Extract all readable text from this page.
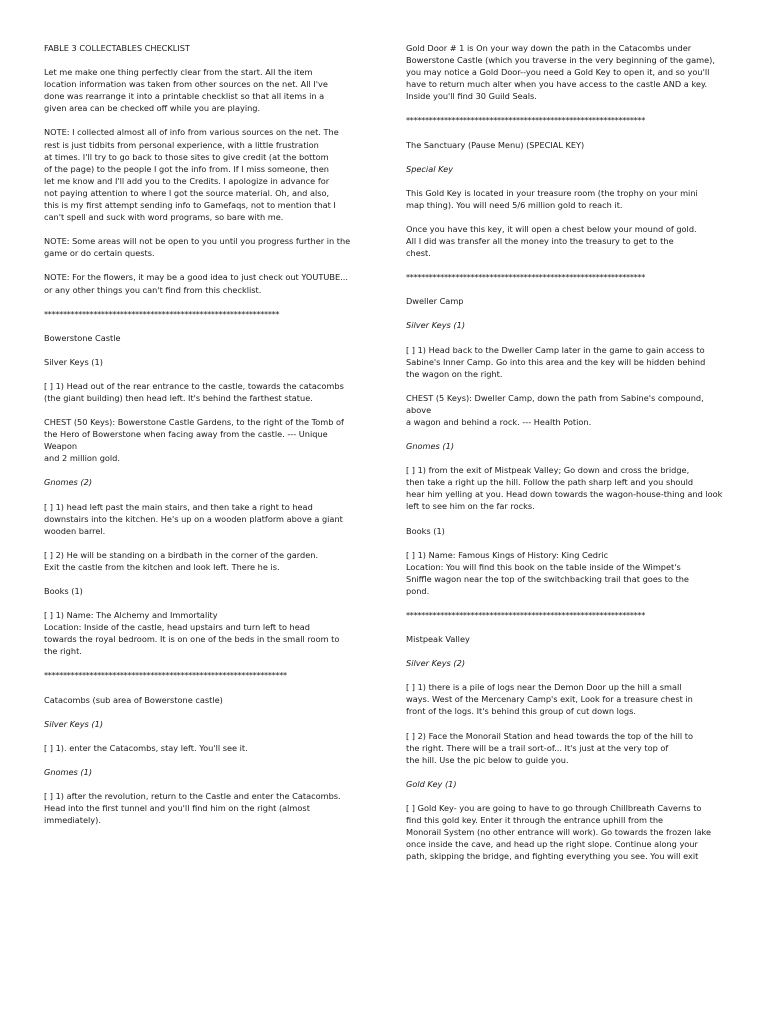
FABLE 3 COLLECTABLES CHECKLIST
Let me make one thing perfectly clear from the start. All the item
location information was taken from other sources on the net. All I've
done was rearrange it into a printable checklist so that all items in a
given area can be checked off while you are playing.
NOTE: I collected almost all of info from various sources on the net. The
rest is just tidbits from personal experience, with a little frustration
at times. I'll try to go back to those sites to give credit (at the bottom
of the page) to the people I got the info from. If I miss someone, then
let me know and I'll add you to the Credits. I apologize in advance for
not paying attention to where I got the source material. Oh, and also,
this is my first attempt sending info to Gamefaqs, not to mention that I
can't spell and suck with word programs, so bare with me.
NOTE: Some areas will not be open to you until you progress further in the
game or do certain quests.
NOTE: For the flowers, it may be a good idea to just check out YOUTUBE...
or any other things you can't find from this checklist.
**************************************************************
Bowerstone Castle
Silver Keys (1)
[ ] 1) Head out of the rear entrance to the castle, towards the catacombs
(the giant building) then head left. It's behind the farthest statue.
CHEST (50 Keys): Bowerstone Castle Gardens, to the right of the Tomb of
the Hero of Bowerstone when facing away from the castle. --- Unique
Weapon
and 2 million gold.
Gnomes (2)
[ ] 1) head left past the main stairs, and then take a right to head
downstairs into the kitchen. He's up on a wooden platform above a giant
wooden barrel.
[ ] 2) He will be standing on a birdbath in the corner of the garden.
Exit the castle from the kitchen and look left. There he is.
Books (1)
[ ] 1) Name: The Alchemy and Immortality
Location: Inside of the castle, head upstairs and turn left to head
towards the royal bedroom. It is on one of the beds in the small room to
the right.
****************************************************************
Catacombs (sub area of Bowerstone castle)
Silver Keys (1)
[ ] 1). enter the Catacombs, stay left. You'll see it.
Gnomes (1)
[ ] 1) after the revolution, return to the Castle and enter the Catacombs.
Head into the first tunnel and you'll find him on the right (almost
immediately).
Gold Door # 1 is On your way down the path in the Catacombs under
Bowerstone Castle (which you traverse in the very beginning of the game),
you may notice a Gold Door--you need a Gold Key to open it, and so you'll
have to return much alter when you have access to the castle AND a key.
Inside you'll find 30 Guild Seals.
***************************************************************
The Sanctuary (Pause Menu) (SPECIAL KEY)
Special Key
This Gold Key is located in your treasure room (the trophy on your mini
map thing). You will need 5/6 million gold to reach it.
Once you have this key, it will open a chest below your mound of gold.
All I did was transfer all the money into the treasury to get to the
chest.
***************************************************************
Dweller Camp
Silver Keys (1)
[ ] 1) Head back to the Dweller Camp later in the game to gain access to
Sabine's Inner Camp. Go into this area and the key will be hidden behind
the wagon on the right.
CHEST (5 Keys): Dweller Camp, down the path from Sabine's compound,
above
a wagon and behind a rock. --- Health Potion.
Gnomes (1)
[ ] 1) from the exit of Mistpeak Valley; Go down and cross the bridge,
then take a right up the hill. Follow the path sharp left and you should
hear him yelling at you. Head down towards the wagon-house-thing and look
left to see him on the far rocks.
Books (1)
[ ] 1) Name: Famous Kings of History: King Cedric
Location: You will find this book on the table inside of the Wimpet's
Sniffle wagon near the top of the switchbacking trail that goes to the
pond.
***************************************************************
Mistpeak Valley
Silver Keys (2)
[ ] 1) there is a pile of logs near the Demon Door up the hill a small
ways. West of the Mercenary Camp's exit, Look for a treasure chest in
front of the logs. It's behind this group of cut down logs.
[ ] 2) Face the Monorail Station and head towards the top of the hill to
the right. There will be a trail sort-of... It's just at the very top of
the hill. Use the pic below to guide you.
Gold Key (1)
[ ] Gold Key- you are going to have to go through Chillbreath Caverns to
find this gold key. Enter it through the entrance uphill from the
Monorail System (no other entrance will work). Go towards the frozen lake
once inside the cave, and head up the right slope. Continue along your
path, skipping the bridge, and fighting everything you see. You will exit
